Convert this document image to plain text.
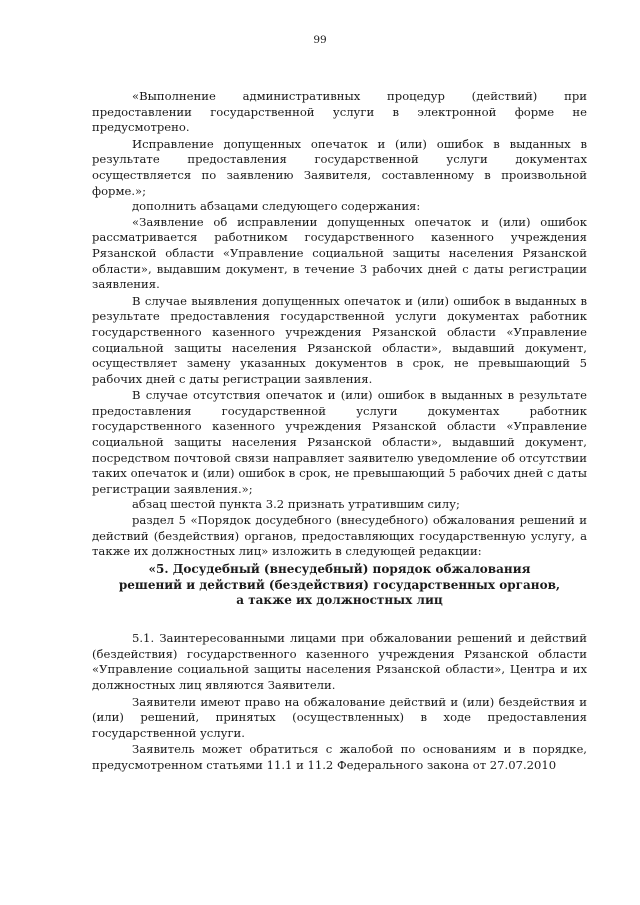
99

«Выполнение административных процедур (действий) при предоставлении государственной услуги в электронной форме не предусмотрено.

Исправление допущенных опечаток и (или) ошибок в выданных в результате предоставления государственной услуги документах осуществляется по заявлению Заявителя, составленному в произвольной форме.»;

дополнить абзацами следующего содержания:

«Заявление об исправлении допущенных опечаток и (или) ошибок рассматривается работником государственного казенного учреждения Рязанской области «Управление социальной защиты населения Рязанской области», выдавшим документ, в течение 3 рабочих дней с даты регистрации заявления.

В случае выявления допущенных опечаток и (или) ошибок в выданных в результате предоставления государственной услуги документах работник государственного казенного учреждения Рязанской области «Управление социальной защиты населения Рязанской области», выдавший документ, осуществляет замену указанных документов в срок, не превышающий 5 рабочих дней с даты регистрации заявления.

В случае отсутствия опечаток и (или) ошибок в выданных в результате предоставления государственной услуги документах работник государственного казенного учреждения Рязанской области «Управление социальной защиты населения Рязанской области», выдавший документ, посредством почтовой связи направляет заявителю уведомление об отсутствии таких опечаток и (или) ошибок в срок, не превышающий 5 рабочих дней с даты регистрации заявления.»;

абзац шестой пункта 3.2 признать утратившим силу;

раздел 5 «Порядок досудебного (внесудебного) обжалования решений и действий (бездействия) органов, предоставляющих государственную услугу, а также их должностных лиц» изложить в следующей редакции:

«5. Досудебный (внесудебный) порядок обжалования

решений и действий (бездействия) государственных органов,

а также их должностных лиц

5.1. Заинтересованными лицами при обжаловании решений и действий (бездействия) государственного казенного учреждения Рязанской области «Управление социальной защиты населения Рязанской области», Центра и их должностных лиц являются Заявители.

Заявители имеют право на обжалование действий и (или) бездействия и (или) решений, принятых (осуществленных) в ходе предоставления государственной услуги.

Заявитель может обратиться с жалобой по основаниям и в порядке, предусмотренном статьями 11.1 и 11.2 Федерального закона от 27.07.2010
